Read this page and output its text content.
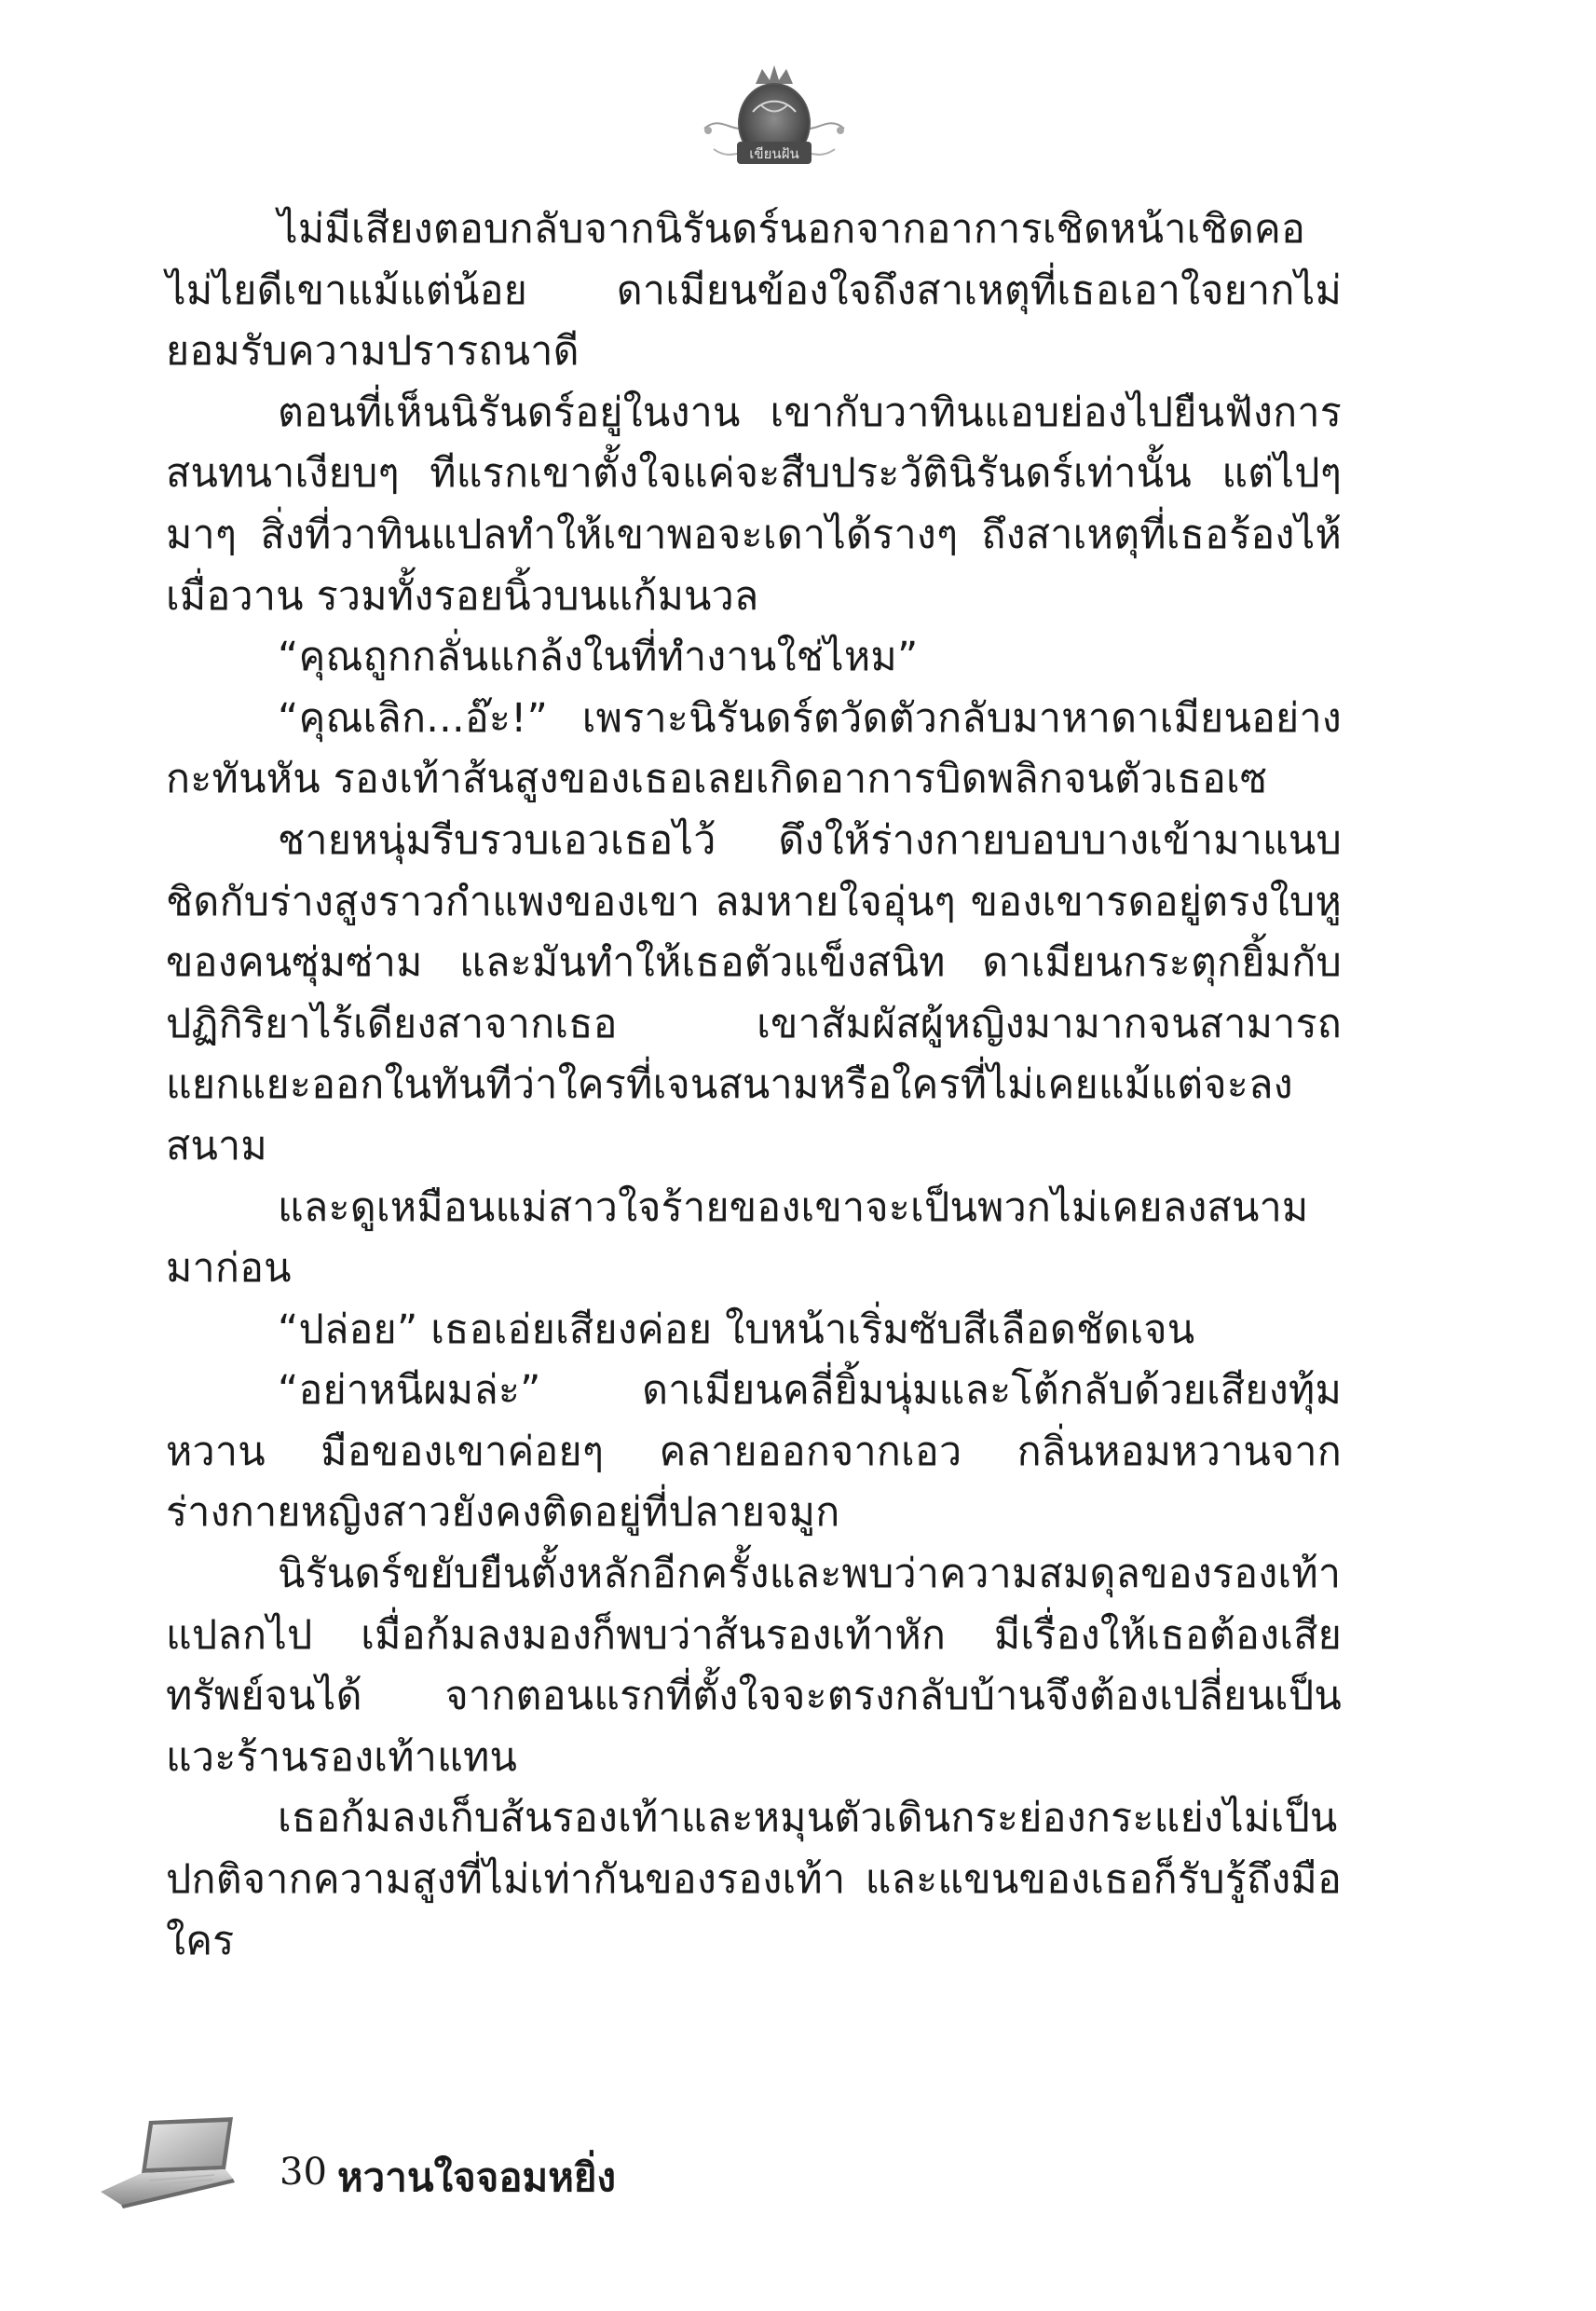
เขียนฝัน

ไม่มีเสียงตอบกลับจากนิรันดร์นอกจากอาการเชิดหน้าเชิดคอไม่ไยดีเขาแม้แต่น้อย ดาเมียนข้องใจถึงสาเหตุที่เธอเอาใจยากไม่ยอมรับความปรารถนาดี

ตอนที่เห็นนิรันดร์อยู่ในงาน เขากับวาทินแอบย่องไปยืนฟังการสนทนาเงียบๆ ทีแรกเขาตั้งใจแค่จะสืบประวัตินิรันดร์เท่านั้น แต่ไปๆ มาๆ สิ่งที่วาทินแปลทำให้เขาพอจะเดาได้รางๆ ถึงสาเหตุที่เธอร้องไห้เมื่อวาน รวมทั้งรอยนิ้วบนแก้มนวล

“คุณถูกกลั่นแกล้งในที่ทำงานใช่ไหม”

“คุณเลิก...อ๊ะ!” เพราะนิรันดร์ตวัดตัวกลับมาหาดาเมียนอย่างกะทันหัน รองเท้าส้นสูงของเธอเลยเกิดอาการบิดพลิกจนตัวเธอเซ

ชายหนุ่มรีบรวบเอวเธอไว้ ดึงให้ร่างกายบอบบางเข้ามาแนบชิดกับร่างสูงราวกำแพงของเขา ลมหายใจอุ่นๆ ของเขารดอยู่ตรงใบหูของคนซุ่มซ่าม และมันทำให้เธอตัวแข็งสนิท ดาเมียนกระตุกยิ้มกับปฏิกิริยาไร้เดียงสาจากเธอ เขาสัมผัสผู้หญิงมามากจนสามารถแยกแยะออกในทันทีว่าใครที่เจนสนามหรือใครที่ไม่เคยแม้แต่จะลงสนาม

และดูเหมือนแม่สาวใจร้ายของเขาจะเป็นพวกไม่เคยลงสนามมาก่อน

“ปล่อย” เธอเอ่ยเสียงค่อย ใบหน้าเริ่มซับสีเลือดชัดเจน

“อย่าหนีผมล่ะ” ดาเมียนคลี่ยิ้มนุ่มและโต้กลับด้วยเสียงทุ้มหวาน มือของเขาค่อยๆ คลายออกจากเอว กลิ่นหอมหวานจากร่างกายหญิงสาวยังคงติดอยู่ที่ปลายจมูก

นิรันดร์ขยับยืนตั้งหลักอีกครั้งและพบว่าความสมดุลของรองเท้าแปลกไป เมื่อก้มลงมองก็พบว่าส้นรองเท้าหัก มีเรื่องให้เธอต้องเสียทรัพย์จนได้ จากตอนแรกที่ตั้งใจจะตรงกลับบ้านจึงต้องเปลี่ยนเป็นแวะร้านรองเท้าแทน

เธอก้มลงเก็บส้นรองเท้าและหมุนตัวเดินกระย่องกระแย่งไม่เป็นปกติจากความสูงที่ไม่เท่ากันของรองเท้า และแขนของเธอก็รับรู้ถึงมือใคร

30 หวานใจจอมหยิ่ง
